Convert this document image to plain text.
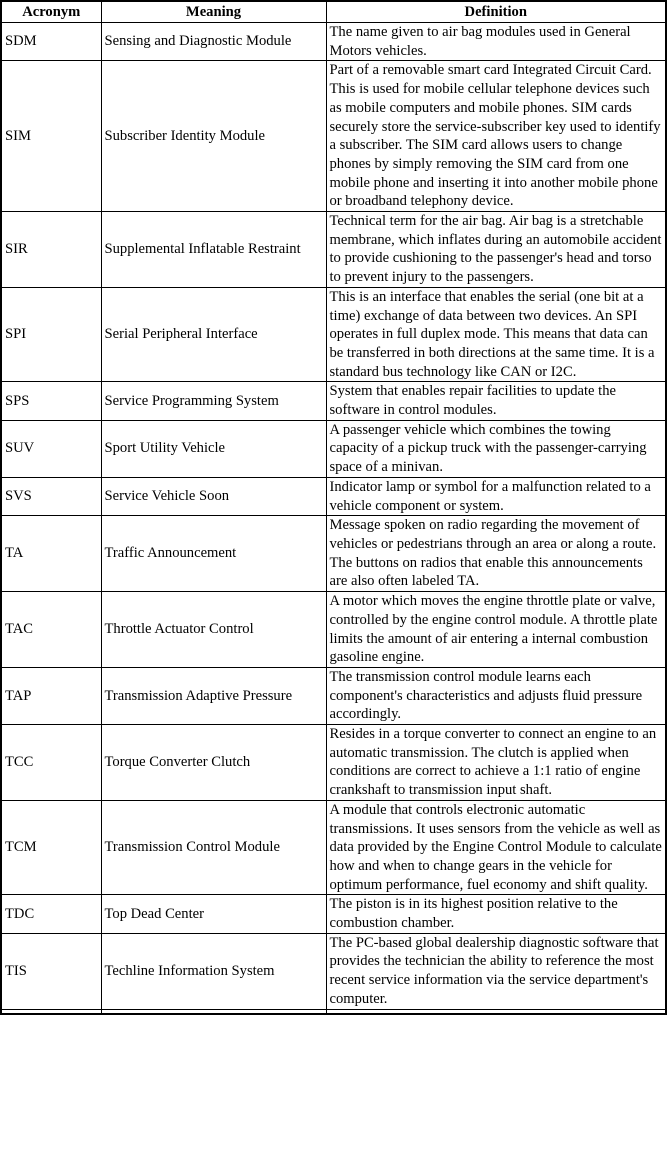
Acronym	Meaning	Definition
SDM	Sensing and Diagnostic Module	The name given to air bag modules used in General Motors vehicles.
SIM	Subscriber Identity Module	Part of a removable smart card Integrated Circuit Card. This is used for mobile cellular telephone devices such as mobile computers and mobile phones. SIM cards securely store the service-subscriber key used to identify a subscriber. The SIM card allows users to change phones by simply removing the SIM card from one mobile phone and inserting it into another mobile phone or broadband telephony device.
SIR	Supplemental Inflatable Restraint	Technical term for the air bag. Air bag is a stretchable membrane, which inflates during an automobile accident to provide cushioning to the passenger's head and torso to prevent injury to the passengers.
SPI	Serial Peripheral Interface	This is an interface that enables the serial (one bit at a time) exchange of data between two devices. An SPI operates in full duplex mode. This means that data can be transferred in both directions at the same time. It is a standard bus technology like CAN or I2C.
SPS	Service Programming System	System that enables repair facilities to update the software in control modules.
SUV	Sport Utility Vehicle	A passenger vehicle which combines the towing capacity of a pickup truck with the passenger-carrying space of a minivan.
SVS	Service Vehicle Soon	Indicator lamp or symbol for a malfunction related to a vehicle component or system.
TA	Traffic Announcement	Message spoken on radio regarding the movement of vehicles or pedestrians through an area or along a route. The buttons on radios that enable this announcements are also often labeled TA.
TAC	Throttle Actuator Control	A motor which moves the engine throttle plate or valve, controlled by the engine control module. A throttle plate limits the amount of air entering a internal combustion gasoline engine.
TAP	Transmission Adaptive Pressure	The transmission control module learns each component's characteristics and adjusts fluid pressure accordingly.
TCC	Torque Converter Clutch	Resides in a torque converter to connect an engine to an automatic transmission. The clutch is applied when conditions are correct to achieve a 1:1 ratio of engine crankshaft to transmission input shaft.
TCM	Transmission Control Module	A module that controls electronic automatic transmissions. It uses sensors from the vehicle as well as data provided by the Engine Control Module to calculate how and when to change gears in the vehicle for optimum performance, fuel economy and shift quality.
TDC	Top Dead Center	The piston is in its highest position relative to the combustion chamber.
TIS	Techline Information System	The PC-based global dealership diagnostic software that provides the technician the ability to reference the most recent service information via the service department's computer.
